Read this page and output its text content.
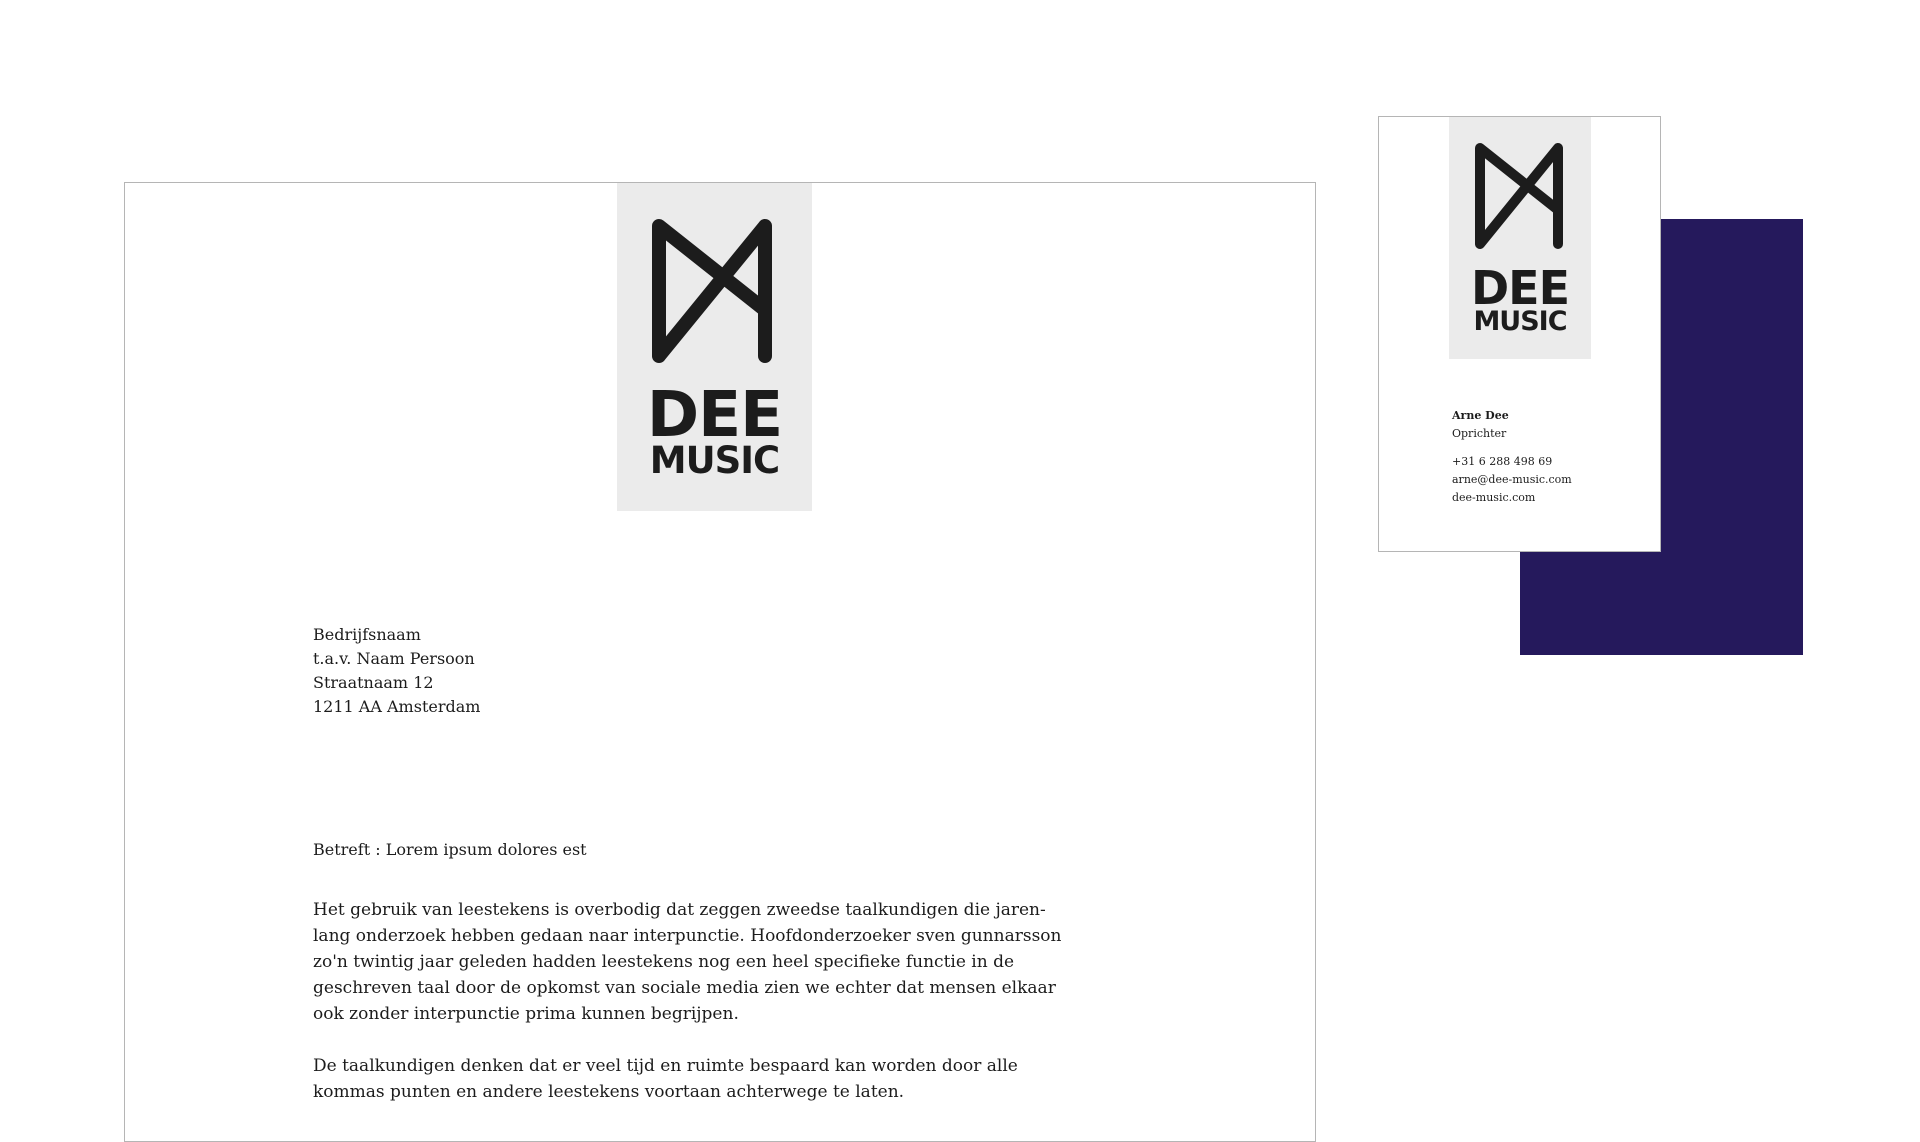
DEE
MUSIC
Bedrijfsnaam
t.a.v. Naam Persoon
Straatnaam 12
1211 AA Amsterdam
Betreft : Lorem ipsum dolores est

Het gebruik van leestekens is overbodig dat zeggen zweedse taalkundigen die jaren-
lang onderzoek hebben gedaan naar interpunctie. Hoofdonderzoeker sven gunnarsson
zo'n twintig jaar geleden hadden leestekens nog een heel specifieke functie in de
geschreven taal door de opkomst van sociale media zien we echter dat mensen elkaar
ook zonder interpunctie prima kunnen begrijpen.

De taalkundigen denken dat er veel tijd en ruimte bespaard kan worden door alle
kommas punten en andere leestekens voortaan achterwege te laten.

DEE
MUSIC
Arne Dee
Oprichter
+31 6 288 498 69
arne@dee-music.com
dee-music.com
